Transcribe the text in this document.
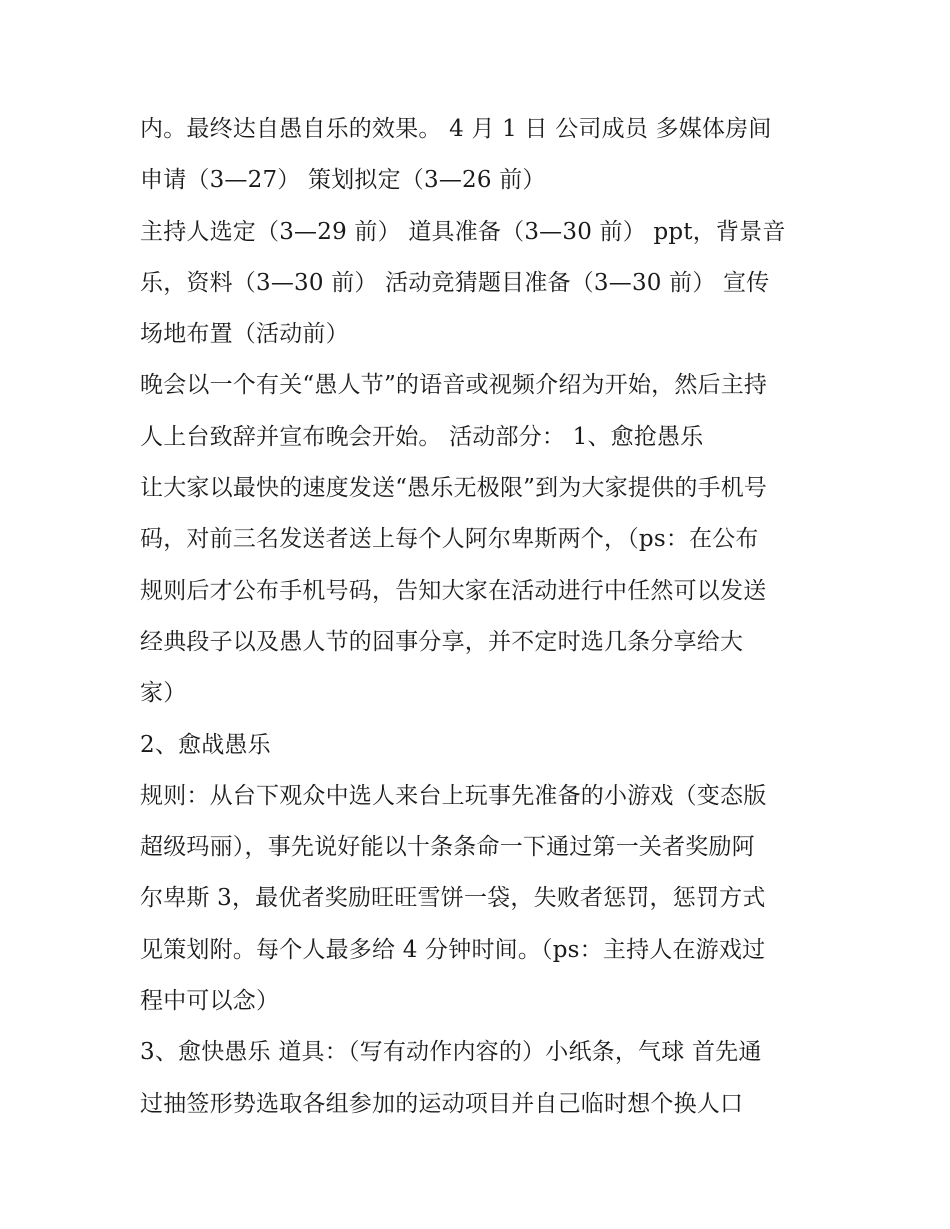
内。最终达自愚自乐的效果。 4 月 1 日 公司成员 多媒体房间
申请（3—27） 策划拟定（3—26 前）
主持人选定（3—29 前） 道具准备（3—30 前） ppt，背景音
乐，资料（3—30 前） 活动竞猜题目准备（3—30 前） 宣传
场地布置（活动前）
晚会以一个有关“愚人节”的语音或视频介绍为开始，然后主持
人上台致辞并宣布晚会开始。 活动部分： 1、愈抢愚乐
让大家以最快的速度发送“愚乐无极限”到为大家提供的手机号
码，对前三名发送者送上每个人阿尔卑斯两个，（ps：在公布
规则后才公布手机号码，告知大家在活动进行中任然可以发送
经典段子以及愚人节的囧事分享，并不定时选几条分享给大
家）
2、愈战愚乐
规则：从台下观众中选人来台上玩事先准备的小游戏（变态版
超级玛丽），事先说好能以十条条命一下通过第一关者奖励阿
尔卑斯 3，最优者奖励旺旺雪饼一袋，失败者惩罚，惩罚方式
见策划附。每个人最多给 4 分钟时间。（ps：主持人在游戏过
程中可以念）
3、愈快愚乐 道具：（写有动作内容的）小纸条，气球 首先通
过抽签形势选取各组参加的运动项目并自己临时想个换人口
